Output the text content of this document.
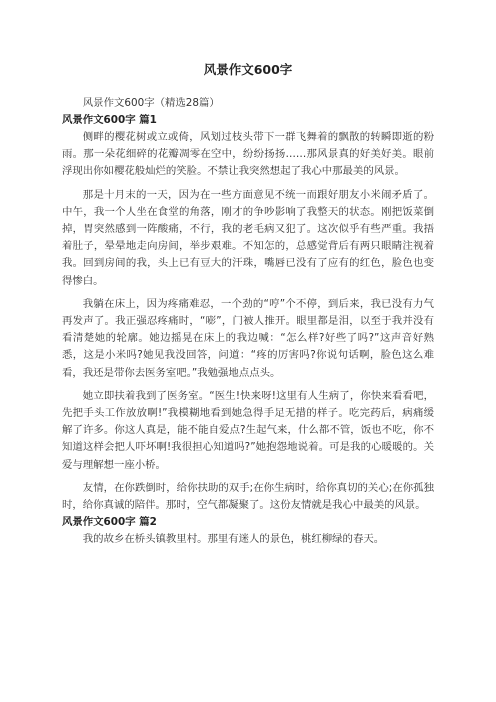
风景作文600字

风景作文600字（精选28篇）

风景作文600字 篇1

侧畔的樱花树或立或倚，风划过枝头带下一群飞舞着的飘散的转瞬即逝的粉雨。那一朵花细碎的花瓣凋零在空中，纷纷扬扬……那风景真的好美好美。眼前浮现出你如樱花般灿烂的笑脸。不禁让我突然想起了我心中那最美的风景。

那是十月末的一天，因为在一些方面意见不统一而跟好朋友小米闹矛盾了。中午，我一个人坐在食堂的角落，刚才的争吵影响了我整天的状态。刚把饭菜倒掉，胃突然感到一阵酸痛，不行，我的老毛病又犯了。这次似乎有些严重。我捂着肚子，晕晕地走向房间，举步艰难。不知怎的，总感觉背后有两只眼睛注视着我。回到房间的我，头上已有豆大的汗珠，嘴唇已没有了应有的红色，脸色也变得惨白。

我躺在床上，因为疼痛难忍，一个劲的“哼”个不停，到后来，我已没有力气再发声了。我正强忍疼痛时，“嘭”，门被人推开。眼里都是泪，以至于我并没有看清楚她的轮廓。她边摇晃在床上的我边喊：“怎么样?好些了吗?”这声音好熟悉，这是小米吗?她见我没回答，问道：“疼的厉害吗?你说句话啊，脸色这么难看，我还是带你去医务室吧。”我勉强地点点头。

她立即扶着我到了医务室。“医生!快来呀!这里有人生病了，你快来看看吧，先把手头工作放放啊!”我模糊地看到她急得手足无措的样子。吃完药后，病痛缓解了许多。你这人真是，能不能自爱点?生起气来，什么都不管，饭也不吃，你不知道这样会把人吓坏啊!我很担心知道吗?”她抱怨地说着。可是我的心暖暖的。关爱与理解想一座小桥。

友情，在你跌倒时，给你扶助的双手;在你生病时，给你真切的关心;在你孤独时，给你真诚的陪伴。那时，空气都凝聚了。这份友情就是我心中最美的风景。

风景作文600字 篇2

我的故乡在桥头镇教里村。那里有迷人的景色，桃红柳绿的春天。
